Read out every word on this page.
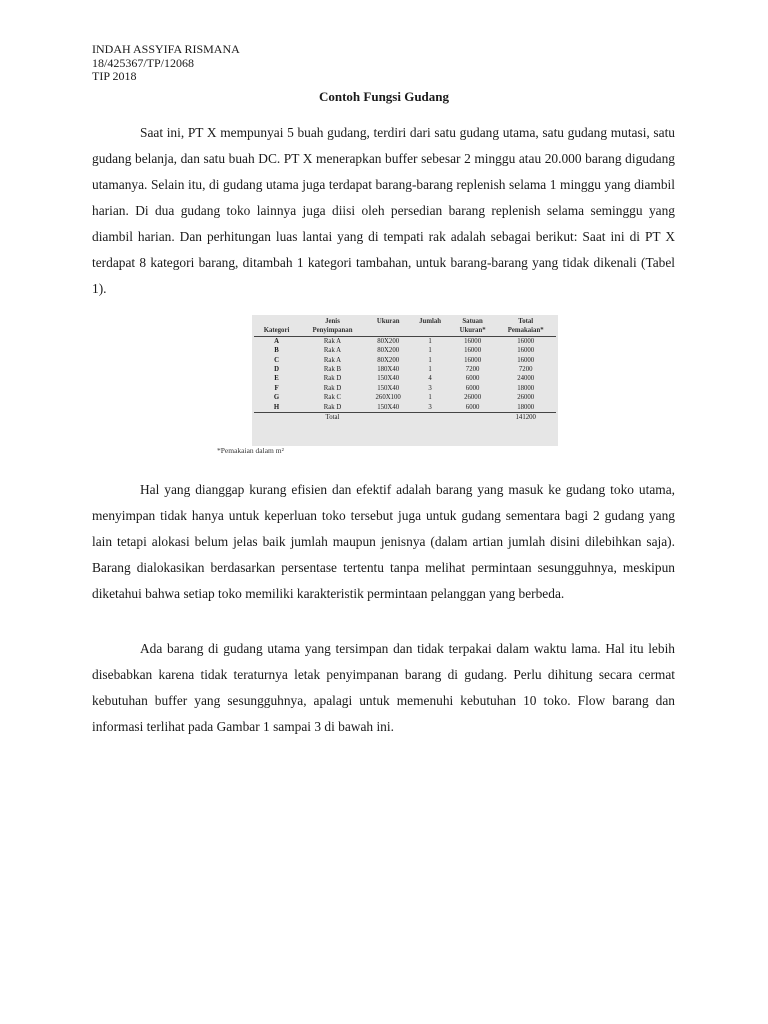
INDAH ASSYIFA RISMANA
18/425367/TP/12068
TIP 2018
Contoh Fungsi Gudang

Saat ini, PT X mempunyai 5 buah gudang, terdiri dari satu gudang utama, satu gudang mutasi, satu gudang belanja, dan satu buah DC. PT X menerapkan buffer sebesar 2 minggu atau 20.000 barang digudang utamanya. Selain itu, di gudang utama juga terdapat barang-barang replenish selama 1 minggu yang diambil harian. Di dua gudang toko lainnya juga diisi oleh persedian barang replenish selama seminggu yang diambil harian. Dan perhitungan luas lantai yang di tempati rak adalah sebagai berikut: Saat ini di PT X terdapat 8 kategori barang, ditambah 1 kategori tambahan, untuk barang-barang yang tidak dikenali (Tabel 1).

	Jenis	Ukuran	Jumlah	Satuan	Total
Kategori	Penyimpanan			Ukuran*	Pemakaian*
A	Rak A	80X200	1	16000	16000
B	Rak A	80X200	1	16000	16000
C	Rak A	80X200	1	16000	16000
D	Rak B	180X40	1	7200	7200
E	Rak D	150X40	4	6000	24000
F	Rak D	150X40	3	6000	18000
G	Rak C	260X100	1	26000	26000
H	Rak D	150X40	3	6000	18000
	Total				141200
*Pemakaian dalam m²

Hal yang dianggap kurang efisien dan efektif adalah barang yang masuk ke gudang toko utama, menyimpan tidak hanya untuk keperluan toko tersebut juga untuk gudang sementara bagi 2 gudang yang lain tetapi alokasi belum jelas baik jumlah maupun jenisnya (dalam artian jumlah disini dilebihkan saja). Barang dialokasikan berdasarkan persentase tertentu tanpa melihat permintaan sesungguhnya, meskipun diketahui bahwa setiap toko memiliki karakteristik permintaan pelanggan yang berbeda.

Ada barang di gudang utama yang tersimpan dan tidak terpakai dalam waktu lama. Hal itu lebih disebabkan karena tidak teraturnya letak penyimpanan barang di gudang. Perlu dihitung secara cermat kebutuhan buffer yang sesungguhnya, apalagi untuk memenuhi kebutuhan 10 toko. Flow barang dan informasi terlihat pada Gambar 1 sampai 3 di bawah ini.
